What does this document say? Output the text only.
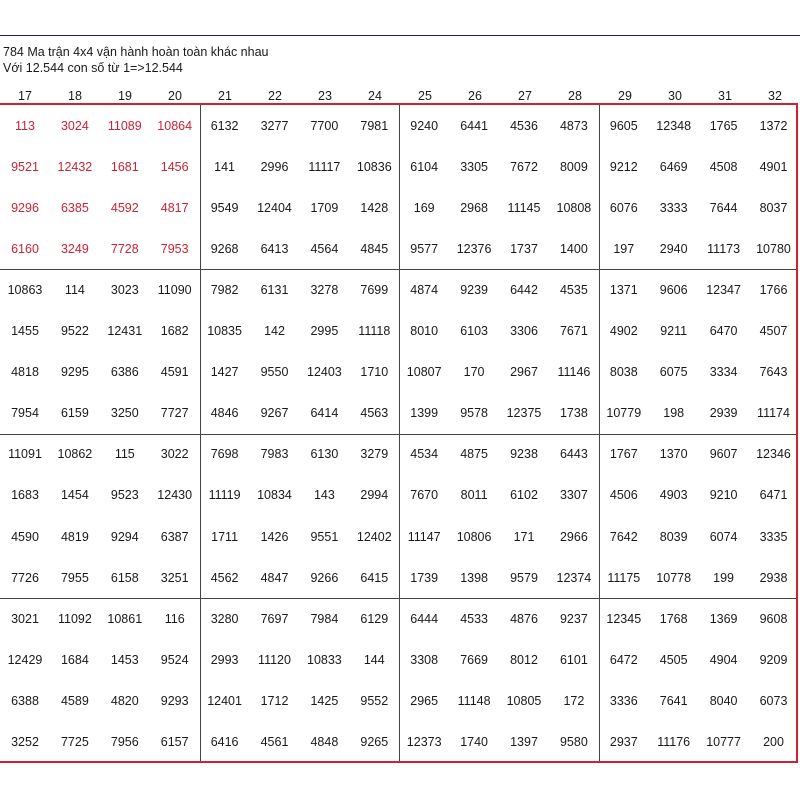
784 Ma trận 4x4 vận hành hoàn toàn khác nhau
Với 12.544 con số từ 1=>12.544
17	18	19	20	21	22	23	24	25	26	27	28	29	30	31	32
113	3024	11089	10864	6132	3277	7700	7981	9240	6441	4536	4873	9605	12348	1765	1372
9521	12432	1681	1456	141	2996	11117	10836	6104	3305	7672	8009	9212	6469	4508	4901
9296	6385	4592	4817	9549	12404	1709	1428	169	2968	11145	10808	6076	3333	7644	8037
6160	3249	7728	7953	9268	6413	4564	4845	9577	12376	1737	1400	197	2940	11173	10780
10863	114	3023	11090	7982	6131	3278	7699	4874	9239	6442	4535	1371	9606	12347	1766
1455	9522	12431	1682	10835	142	2995	11118	8010	6103	3306	7671	4902	9211	6470	4507
4818	9295	6386	4591	1427	9550	12403	1710	10807	170	2967	11146	8038	6075	3334	7643
7954	6159	3250	7727	4846	9267	6414	4563	1399	9578	12375	1738	10779	198	2939	11174
11091	10862	115	3022	7698	7983	6130	3279	4534	4875	9238	6443	1767	1370	9607	12346
1683	1454	9523	12430	11119	10834	143	2994	7670	8011	6102	3307	4506	4903	9210	6471
4590	4819	9294	6387	1711	1426	9551	12402	11147	10806	171	2966	7642	8039	6074	3335
7726	7955	6158	3251	4562	4847	9266	6415	1739	1398	9579	12374	11175	10778	199	2938
3021	11092	10861	116	3280	7697	7984	6129	6444	4533	4876	9237	12345	1768	1369	9608
12429	1684	1453	9524	2993	11120	10833	144	3308	7669	8012	6101	6472	4505	4904	9209
6388	4589	4820	9293	12401	1712	1425	9552	2965	11148	10805	172	3336	7641	8040	6073
3252	7725	7956	6157	6416	4561	4848	9265	12373	1740	1397	9580	2937	11176	10777	200
